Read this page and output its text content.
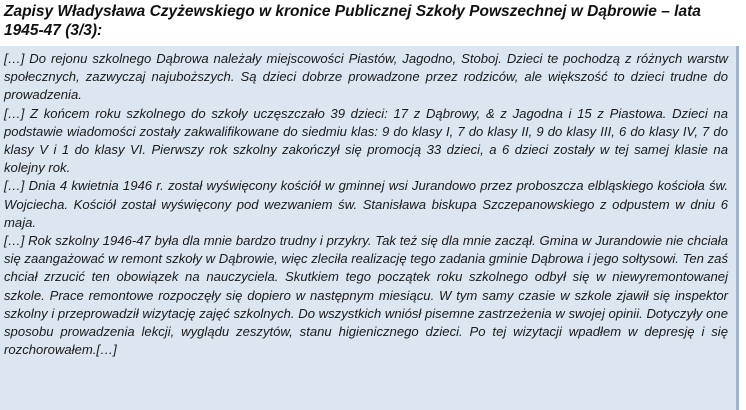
Zapisy Władysława Czyżewskiego w kronice Publicznej Szkoły Powszechnej w Dąbrowie – lata 1945-47 (3/3):

[…] Do rejonu szkolnego Dąbrowa należały miejscowości Piastów, Jagodno, Stoboj. Dzieci te pochodzą z różnych warstw społecznych, zazwyczaj najuboższych. Są dzieci dobrze prowadzone przez rodziców, ale większość to dzieci trudne do prowadzenia.

[…] Z końcem roku szkolnego do szkoły uczęszczało 39 dzieci: 17 z Dąbrowy, & z Jagodna i 15 z Piastowa. Dzieci na podstawie wiadomości zostały zakwalifikowane do siedmiu klas: 9 do klasy I, 7 do klasy II, 9 do klasy III, 6 do klasy IV, 7 do klasy V i 1 do klasy VI. Pierwszy rok szkolny zakończył się promocją 33 dzieci, a 6 dzieci zostały w tej samej klasie na kolejny rok.

[…] Dnia 4 kwietnia 1946 r. został wyświęcony kościół w gminnej wsi Jurandowo przez proboszcza elbląskiego kościoła św. Wojciecha. Kościół został wyświęcony pod wezwaniem św. Stanisława biskupa Szczepanowskiego z odpustem w dniu 6 maja.

[…] Rok szkolny 1946-47 była dla mnie bardzo trudny i przykry. Tak też się dla mnie zaczął. Gmina w Jurandowie nie chciała się zaangażować w remont szkoły w Dąbrowie, więc zleciła realizację tego zadania gminie Dąbrowa i jego sołtysowi. Ten zaś chciał zrzucić ten obowiązek na nauczyciela. Skutkiem tego początek roku szkolnego odbył się w niewyremontowanej szkole. Prace remontowe rozpoczęły się dopiero w następnym miesiącu. W tym samy czasie w szkole zjawił się inspektor szkolny i przeprowadził wizytację zajęć szkolnych. Do wszystkich wniósł pisemne zastrzeżenia w swojej opinii. Dotyczyły one sposobu prowadzenia lekcji, wyglądu zeszytów, stanu higienicznego dzieci. Po tej wizytacji wpadłem w depresję i się rozchorowałem.[…]
